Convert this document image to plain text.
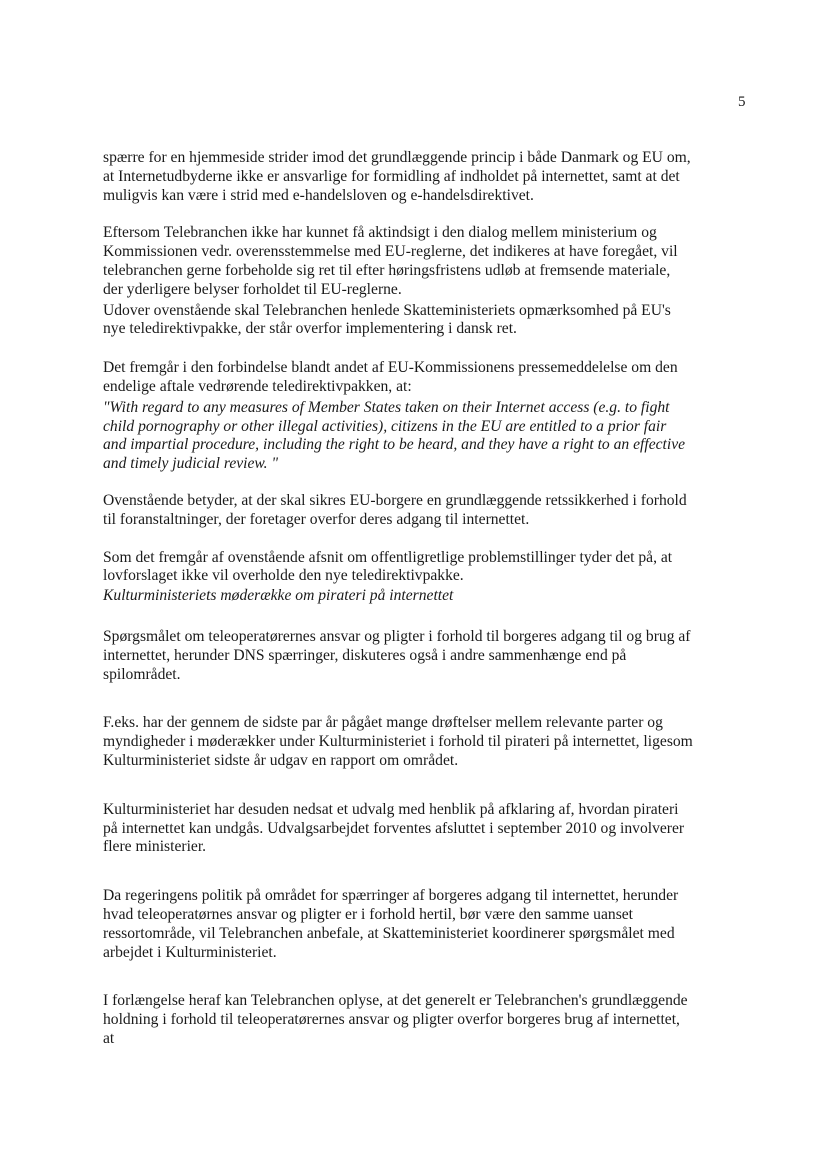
5

spærre for en hjemmeside strider imod det grundlæggende princip i både Danmark og EU om, at Internetudbyderne ikke er ansvarlige for formidling af indholdet på internettet, samt at det muligvis kan være i strid med e-handelsloven og e-handelsdirektivet.

Eftersom Telebranchen ikke har kunnet få aktindsigt i den dialog mellem ministerium og Kommissionen vedr. overensstemmelse med EU-reglerne, det indikeres at have foregået, vil telebranchen gerne forbeholde sig ret til efter høringsfristens udløb at fremsende materiale, der yderligere belyser forholdet til EU-reglerne.

Udover ovenstående skal Telebranchen henlede Skatteministeriets opmærksomhed på EU's nye teledirektivpakke, der står overfor implementering i dansk ret.

Det fremgår i den forbindelse blandt andet af EU-Kommissionens pressemeddelelse om den endelige aftale vedrørende teledirektivpakken, at:

"With regard to any measures of Member States taken on their Internet access (e.g. to fight child pornography or other illegal activities), citizens in the EU are entitled to a prior fair and impartial procedure, including the right to be heard, and they have a right to an effective and timely judicial review. "

Ovenstående betyder, at der skal sikres EU-borgere en grundlæggende retssikkerhed i forhold til foranstaltninger, der foretager overfor deres adgang til internettet.

Som det fremgår af ovenstående afsnit om offentligretlige problemstillinger tyder det på, at lovforslaget ikke vil overholde den nye teledirektivpakke.

Kulturministeriets møderække om pirateri på internettet

Spørgsmålet om teleoperatørernes ansvar og pligter i forhold til borgeres adgang til og brug af internettet, herunder DNS spærringer, diskuteres også i andre sammenhænge end på spilområdet.

F.eks. har der gennem de sidste par år pågået mange drøftelser mellem relevante parter og myndigheder i møderækker under Kulturministeriet i forhold til pirateri på internettet, ligesom Kulturministeriet sidste år udgav en rapport om området.

Kulturministeriet har desuden nedsat et udvalg med henblik på afklaring af, hvordan pirateri på internettet kan undgås. Udvalgsarbejdet forventes afsluttet i september 2010 og involverer flere ministerier.

Da regeringens politik på området for spærringer af borgeres adgang til internettet, herunder hvad teleoperatørnes ansvar og pligter er i forhold hertil, bør være den samme uanset ressortområde, vil Telebranchen anbefale, at Skatteministeriet koordinerer spørgsmålet med arbejdet i Kulturministeriet.

I forlængelse heraf kan Telebranchen oplyse, at det generelt er Telebranchen's grundlæggende holdning i forhold til teleoperatørernes ansvar og pligter overfor borgeres brug af internettet, at
